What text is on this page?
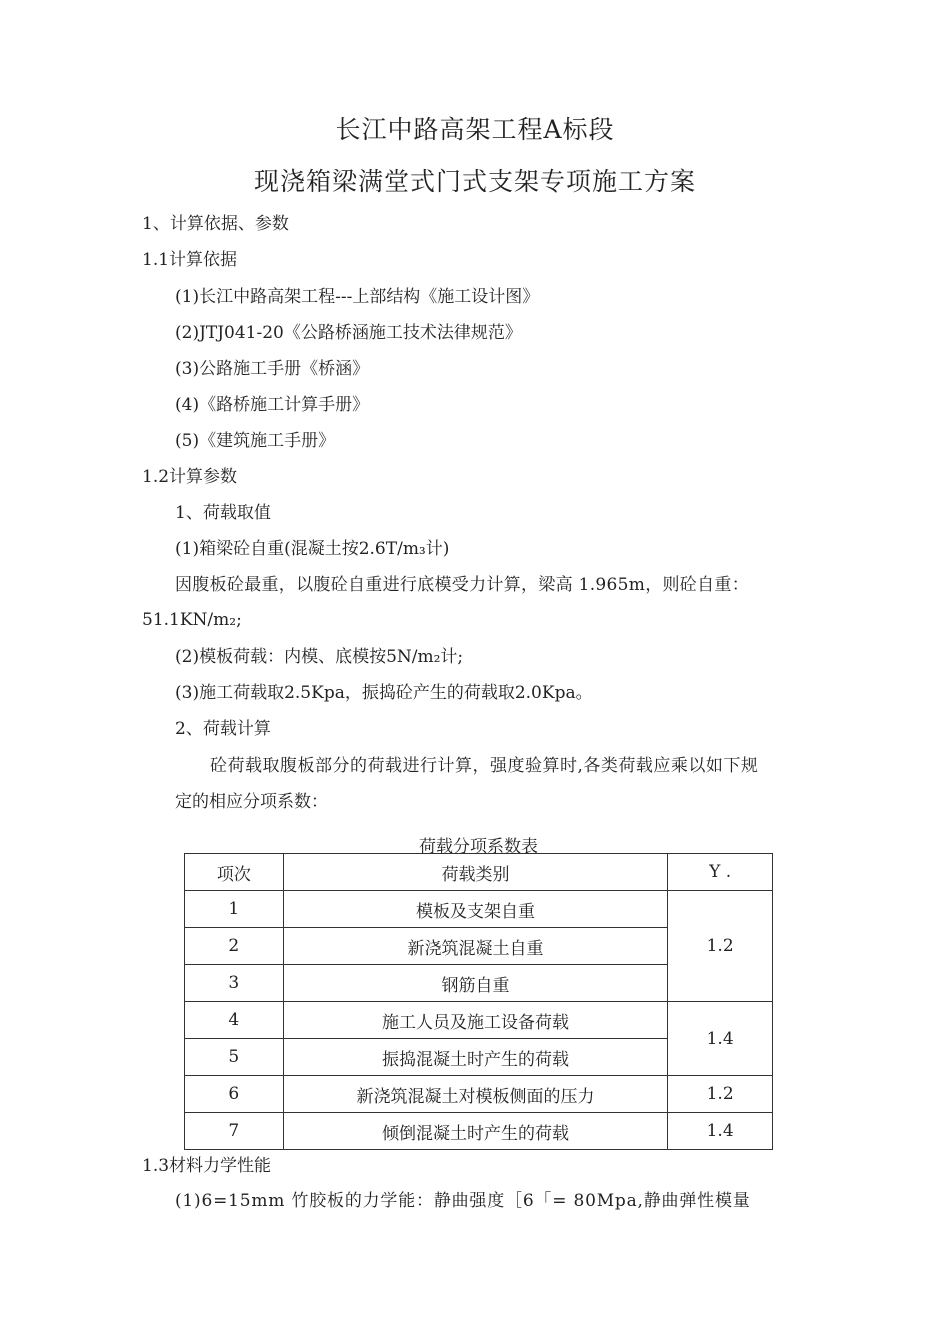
长江中路高架工程A标段
现浇箱梁满堂式门式支架专项施工方案
1、计算依据、参数
1.1计算依据
(1)长江中路高架工程---上部结构《施工设计图》
(2)JTJ041-20《公路桥涵施工技术法律规范》
(3)公路施工手册《桥涵》
(4)《路桥施工计算手册》
(5)《建筑施工手册》
1.2计算参数
1、荷载取值
(1)箱梁砼自重(混凝土按2.6T/m₃计)
因腹板砼最重，以腹砼自重进行底模受力计算，梁高 1.965m，则砼自重：
51.1KN/m₂;
(2)模板荷载：内模、底模按5N/m₂计;
(3)施工荷载取2.5Kpa，振捣砼产生的荷载取2.0Kpa。
2、荷载计算
砼荷载取腹板部分的荷载进行计算，强度验算时,各类荷载应乘以如下规
定的相应分项系数：
荷载分项系数表
项次	荷载类别	Y .
1	模板及支架自重	1.2
2	新浇筑混凝土自重	
3	钢筋自重	
4	施工人员及施工设备荷载	1.4
5	振捣混凝土时产生的荷载	
6	新浇筑混凝土对模板侧面的压力	1.2
7	倾倒混凝土时产生的荷载	1.4
1.3材料力学性能
(1)6=15mm 竹胶板的力学能：静曲强度［6「= 80Mpa,静曲弹性模量
